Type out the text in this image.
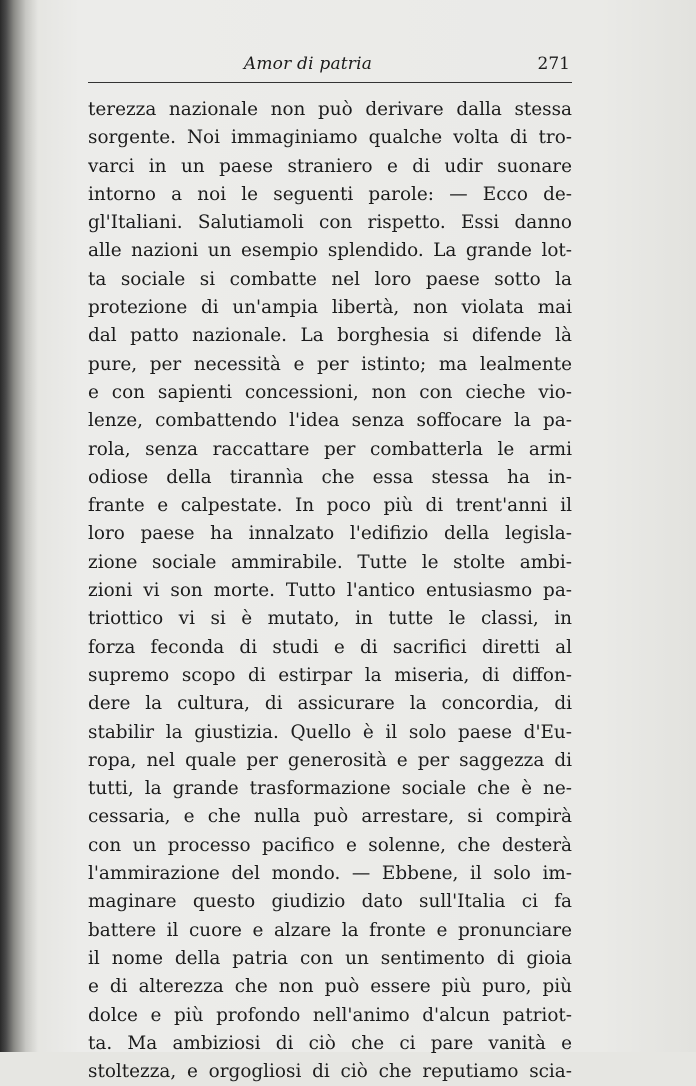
Amor di patria	271
terezza nazionale non può derivare dalla stessa
sorgente. Noi immaginiamo qualche volta di tro-
varci in un paese straniero e di udir suonare
intorno a noi le seguenti parole: — Ecco de-
gl'Italiani. Salutiamoli con rispetto. Essi danno
alle nazioni un esempio splendido. La grande lot-
ta sociale si combatte nel loro paese sotto la
protezione di un'ampia libertà, non violata mai
dal patto nazionale. La borghesia si difende là
pure, per necessità e per istinto; ma lealmente
e con sapienti concessioni, non con cieche vio-
lenze, combattendo l'idea senza soffocare la pa-
rola, senza raccattare per combatterla le armi
odiose della tirannìa che essa stessa ha in-
frante e calpestate. In poco più di trent'anni il
loro paese ha innalzato l'edifizio della legisla-
zione sociale ammirabile. Tutte le stolte ambi-
zioni vi son morte. Tutto l'antico entusiasmo pa-
triottico vi si è mutato, in tutte le classi, in
forza feconda di studi e di sacrifici diretti al
supremo scopo di estirpar la miseria, di diffon-
dere la cultura, di assicurare la concordia, di
stabilir la giustizia. Quello è il solo paese d'Eu-
ropa, nel quale per generosità e per saggezza di
tutti, la grande trasformazione sociale che è ne-
cessaria, e che nulla può arrestare, si compirà
con un processo pacifico e solenne, che desterà
l'ammirazione del mondo. — Ebbene, il solo im-
maginare questo giudizio dato sull'Italia ci fa
battere il cuore e alzare la fronte e pronunciare
il nome della patria con un sentimento di gioia
e di alterezza che non può essere più puro, più
dolce e più profondo nell'animo d'alcun patriot-
ta. Ma ambiziosi di ciò che ci pare vanità e
stoltezza, e orgogliosi di ciò che reputiamo scia-
